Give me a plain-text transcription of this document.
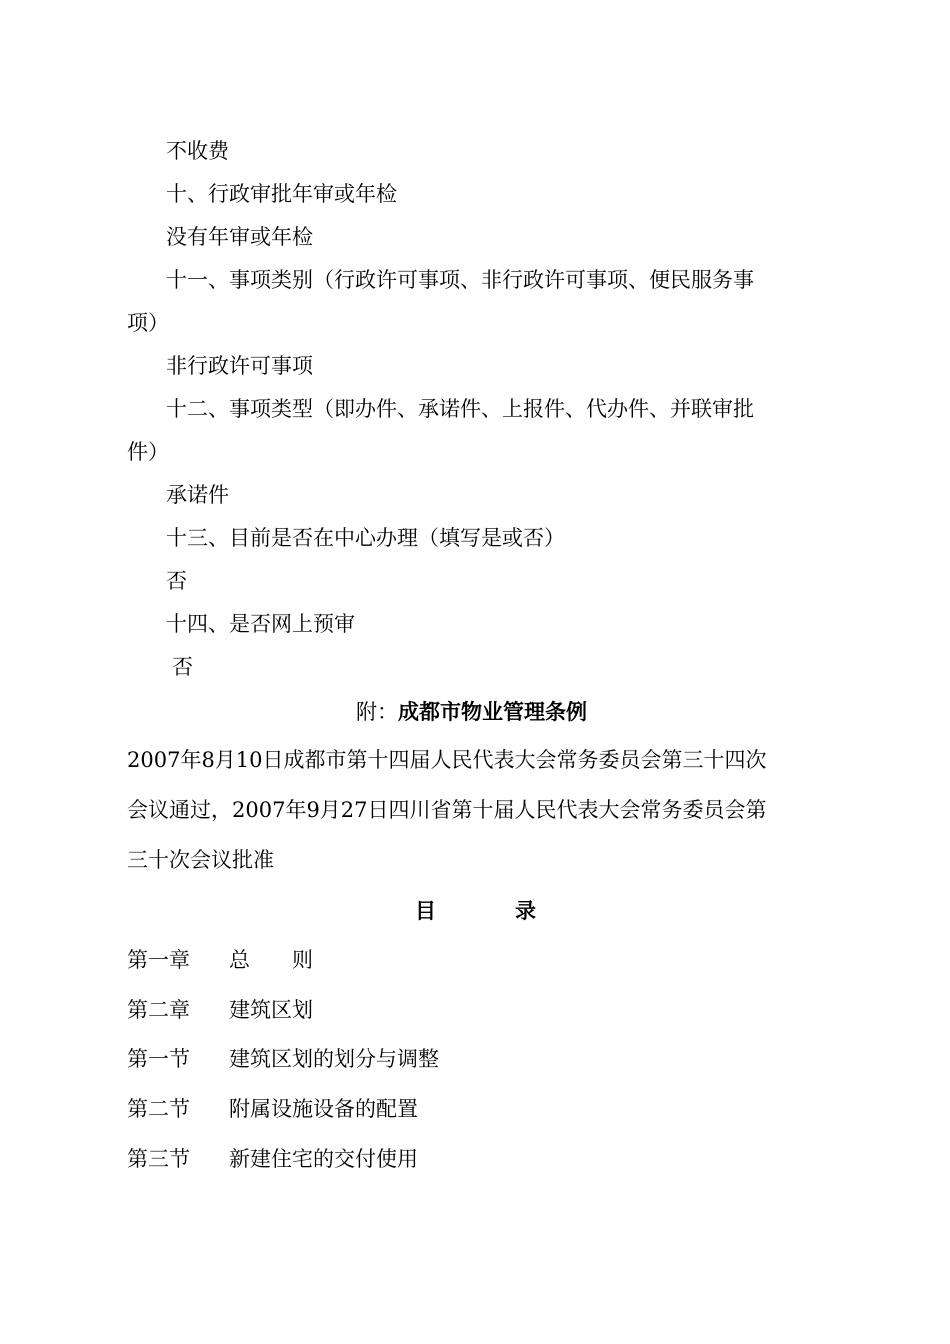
不收费
十、行政审批年审或年检
没有年审或年检
十一、事项类别（行政许可事项、非行政许可事项、便民服务事
项）
非行政许可事项
十二、事项类型（即办件、承诺件、上报件、代办件、并联审批
件）
承诺件
十三、目前是否在中心办理（填写是或否）
否
十四、是否网上预审
否
附：成都市物业管理条例
2007年8月10日成都市第十四届人民代表大会常务委员会第三十四次
会议通过，2007年9月27日四川省第十届人民代表大会常务委员会第
三十次会议批准
目	录
第一章 总　　则
第二章 建筑区划
第一节 建筑区划的划分与调整
第二节 附属设施设备的配置
第三节 新建住宅的交付使用
